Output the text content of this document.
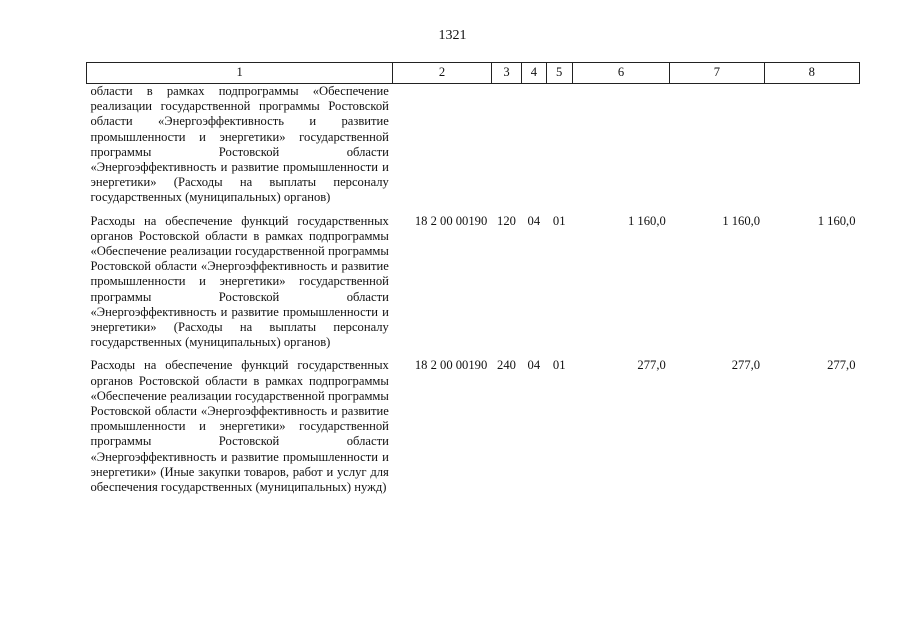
1321
1	2	3	4	5	6	7	8
области в рамках подпрограммы «Обеспечение реализации государственной программы Ростовской области «Энергоэффективность и развитие промышленности и энергетики» государственной программы Ростовской области «Энергоэффективность и развитие промышленности и энергетики» (Расходы на выплаты персоналу государственных (муниципальных) органов)							
Расходы на обеспечение функций государственных органов Ростовской области в рамках подпрограммы «Обеспечение реализации государственной программы Ростовской области «Энергоэффективность и развитие промышленности и энергетики» государственной программы Ростовской области «Энергоэффективность и развитие промышленности и энергетики» (Расходы на выплаты персоналу государственных (муниципальных) органов)	18 2 00 00190	120	04	01	1 160,0	1 160,0	1 160,0
Расходы на обеспечение функций государственных органов Ростовской области в рамках подпрограммы «Обеспечение реализации государственной программы Ростовской области «Энергоэффективность и развитие промышленности и энергетики» государственной программы Ростовской области «Энергоэффективность и развитие промышленности и энергетики» (Иные закупки товаров, работ и услуг для обеспечения государственных (муниципальных) нужд)	18 2 00 00190	240	04	01	277,0	277,0	277,0
